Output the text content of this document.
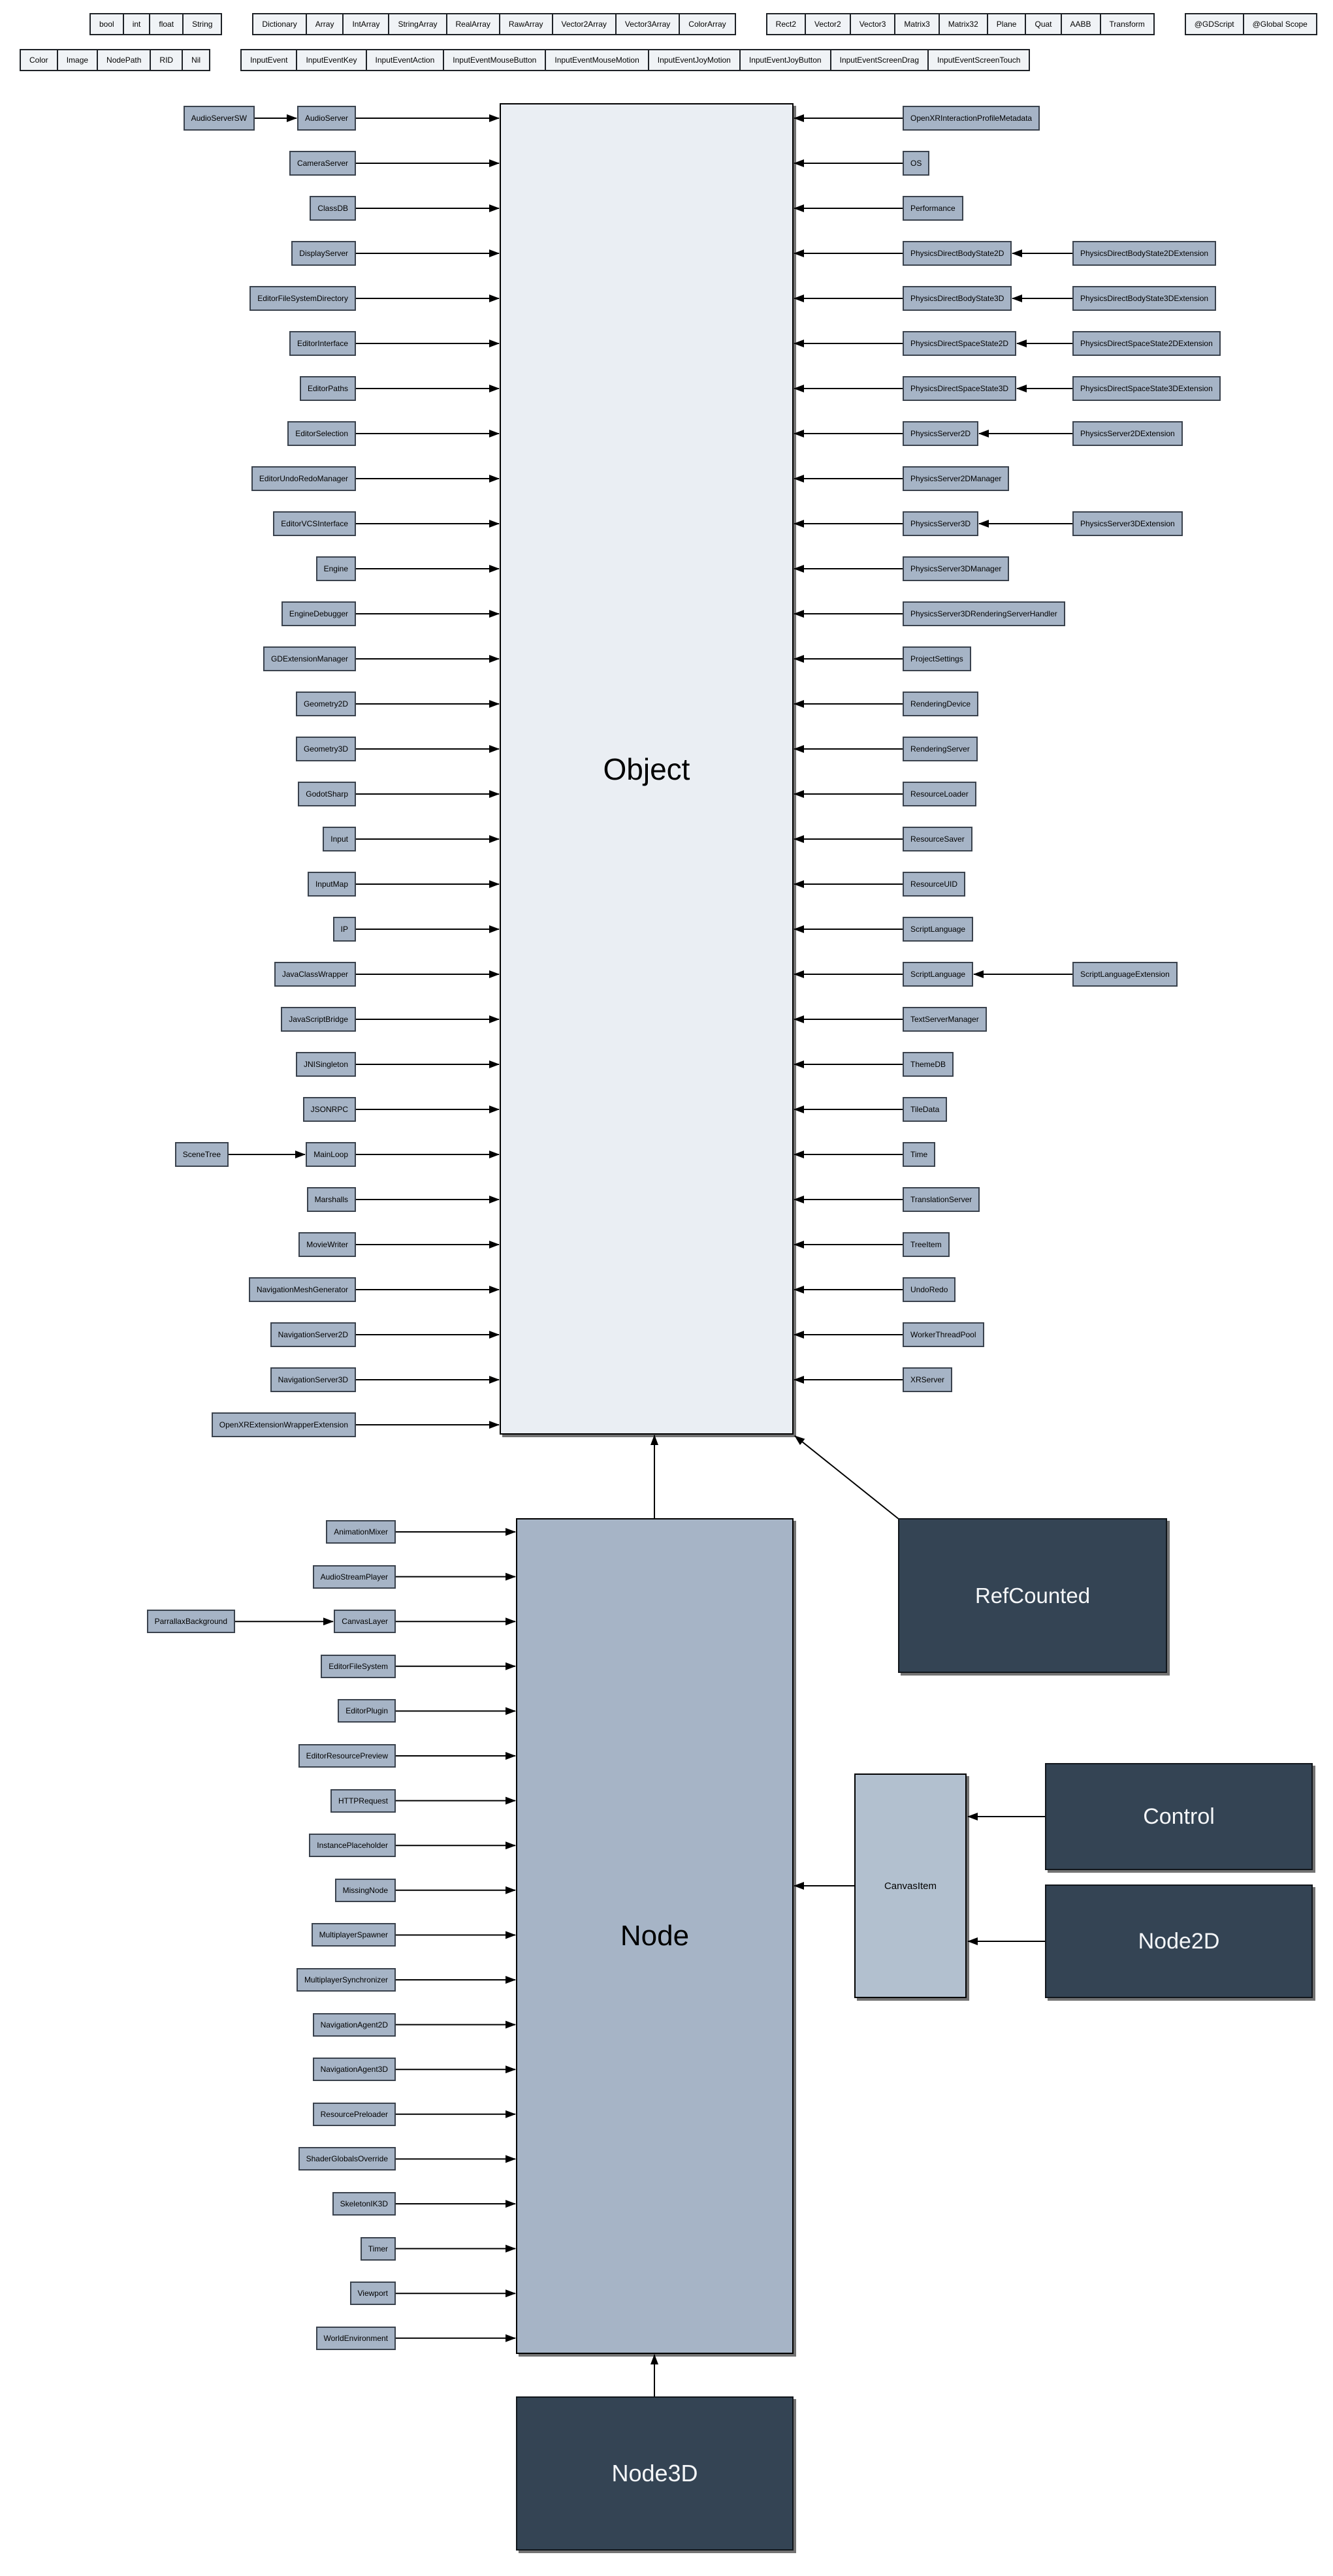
Object
Node
RefCounted
CanvasItem
Control
Node2D
Node3D
bool	int	float	String	Dictionary	Array	IntArray	StringArray	RealArray	RawArray	Vector2Array	Vector3Array	ColorArray	Rect2	Vector2	Vector3	Matrix3	Matrix32	Plane	Quat	AABB	Transform	@GDScript	@Global Scope
Color	Image	NodePath	RID	Nil	InputEvent	InputEventKey	InputEventAction	InputEventMouseButton	InputEventMouseMotion	InputEventJoyMotion	InputEventJoyButton	InputEventScreenDrag	InputEventScreenTouch
AudioServer
AudioServerSW
CameraServer
ClassDB
DisplayServer
EditorFileSystemDirectory
EditorInterface
EditorPaths
EditorSelection
EditorUndoRedoManager
EditorVCSInterface
Engine
EngineDebugger
GDExtensionManager
Geometry2D
Geometry3D
GodotSharp
Input
InputMap
IP
JavaClassWrapper
JavaScriptBridge
JNISingleton
JSONRPC
MainLoop
SceneTree
Marshalls
MovieWriter
NavigationMeshGenerator
NavigationServer2D
NavigationServer3D
OpenXRExtensionWrapperExtension
OpenXRInteractionProfileMetadata
OS
Performance
PhysicsDirectBodyState2D	PhysicsDirectBodyState2DExtension
PhysicsDirectBodyState3D	PhysicsDirectBodyState3DExtension
PhysicsDirectSpaceState2D	PhysicsDirectSpaceState2DExtension
PhysicsDirectSpaceState3D	PhysicsDirectSpaceState3DExtension
PhysicsServer2D	PhysicsServer2DExtension
PhysicsServer2DManager
PhysicsServer3D	PhysicsServer3DExtension
PhysicsServer3DManager
PhysicsServer3DRenderingServerHandler
ProjectSettings
RenderingDevice
RenderingServer
ResourceLoader
ResourceSaver
ResourceUID
ScriptLanguage
ScriptLanguage	ScriptLanguageExtension
TextServerManager
ThemeDB
TileData
Time
TranslationServer
TreeItem
UndoRedo
WorkerThreadPool
XRServer
AnimationMixer
AudioStreamPlayer
CanvasLayer
ParrallaxBackground
EditorFileSystem
EditorPlugin
EditorResourcePreview
HTTPRequest
InstancePlaceholder
MissingNode
MultiplayerSpawner
MultiplayerSynchronizer
NavigationAgent2D
NavigationAgent3D
ResourcePreloader
ShaderGlobalsOverride
SkeletonIK3D
Timer
Viewport
WorldEnvironment
